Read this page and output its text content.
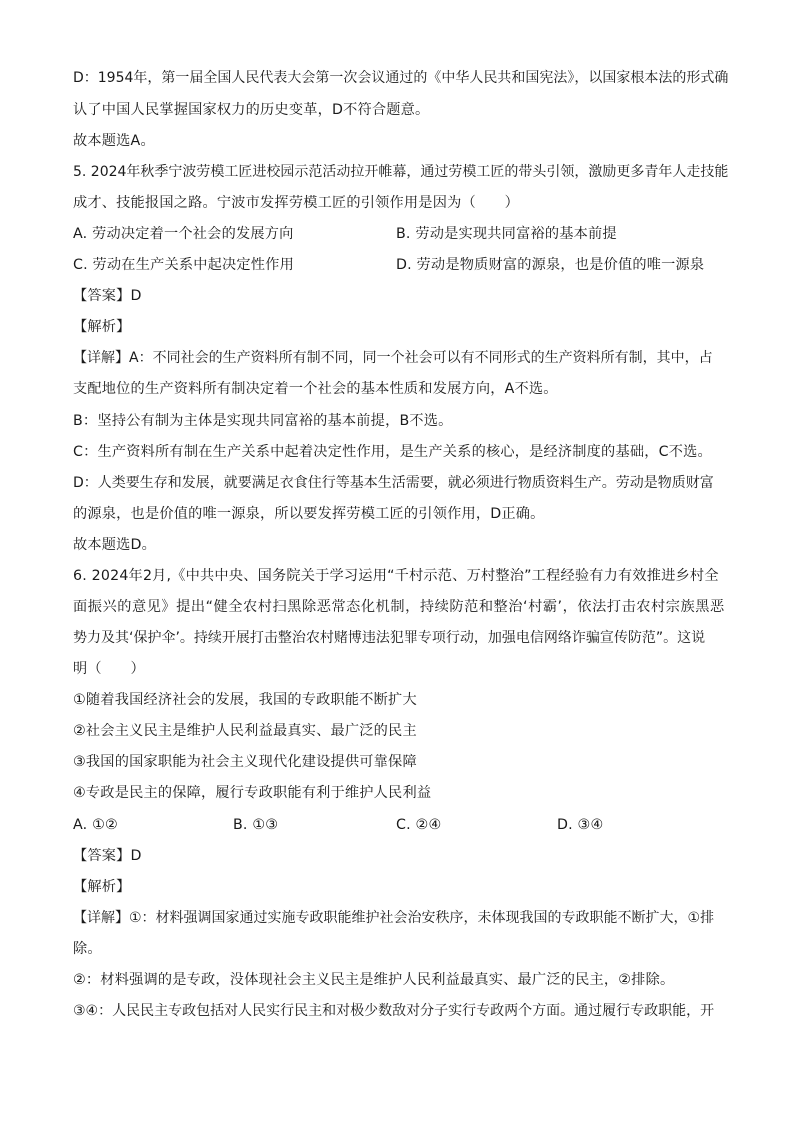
D：1954年，第一届全国人民代表大会第一次会议通过的《中华人民共和国宪法》，以国家根本法的形式确
认了中国人民掌握国家权力的历史变革，D不符合题意。
故本题选A。
5. 2024年秋季宁波劳模工匠进校园示范活动拉开帷幕，通过劳模工匠的带头引领，激励更多青年人走技能
成才、技能报国之路。宁波市发挥劳模工匠的引领作用是因为（　　）
A. 劳动决定着一个社会的发展方向	B. 劳动是实现共同富裕的基本前提
C. 劳动在生产关系中起决定性作用	D. 劳动是物质财富的源泉，也是价值的唯一源泉
【答案】D
【解析】
【详解】A：不同社会的生产资料所有制不同，同一个社会可以有不同形式的生产资料所有制，其中，占
支配地位的生产资料所有制决定着一个社会的基本性质和发展方向，A不选。
B：坚持公有制为主体是实现共同富裕的基本前提，B不选。
C：生产资料所有制在生产关系中起着决定性作用，是生产关系的核心，是经济制度的基础，C不选。
D：人类要生存和发展，就要满足衣食住行等基本生活需要，就必须进行物质资料生产。劳动是物质财富
的源泉，也是价值的唯一源泉，所以要发挥劳模工匠的引领作用，D正确。
故本题选D。
6. 2024年2月,《中共中央、国务院关于学习运用“千村示范、万村整治”工程经验有力有效推进乡村全
面振兴的意见》提出“健全农村扫黑除恶常态化机制，持续防范和整治‘村霸’，依法打击农村宗族黑恶
势力及其‘保护伞’。持续开展打击整治农村赌博违法犯罪专项行动，加强电信网络诈骗宣传防范”。这说
明（　　）
①随着我国经济社会的发展，我国的专政职能不断扩大
②社会主义民主是维护人民利益最真实、最广泛的民主
③我国的国家职能为社会主义现代化建设提供可靠保障
④专政是民主的保障，履行专政职能有利于维护人民利益
A. ①②	B. ①③	C. ②④	D. ③④
【答案】D
【解析】
【详解】①：材料强调国家通过实施专政职能维护社会治安秩序，未体现我国的专政职能不断扩大，①排
除。
②：材料强调的是专政，没体现社会主义民主是维护人民利益最真实、最广泛的民主，②排除。
③④：人民民主专政包括对人民实行民主和对极少数敌对分子实行专政两个方面。通过履行专政职能，开
